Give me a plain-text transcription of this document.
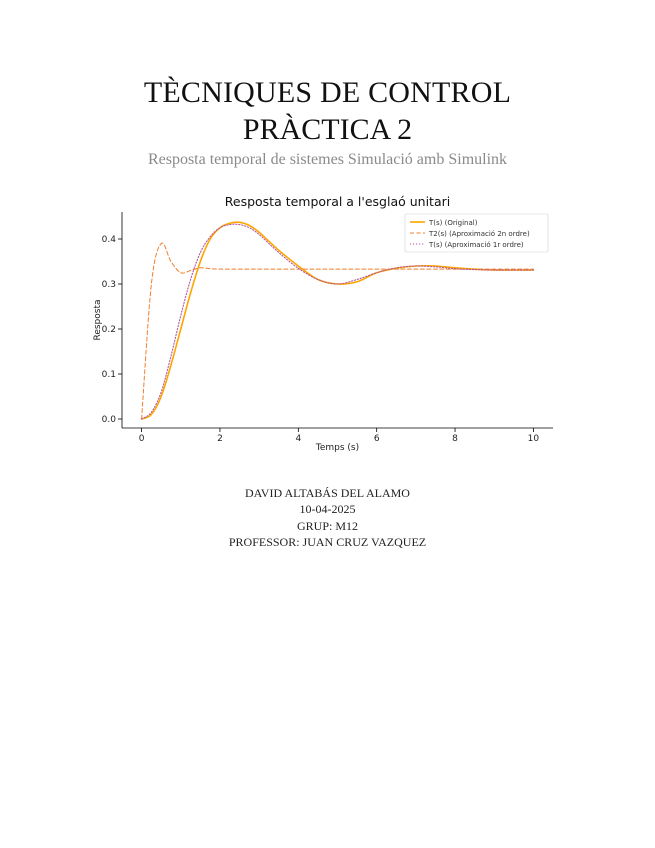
TÈCNIQUES DE CONTROL
PRÀCTICA 2
Resposta temporal de sistemes Simulació amb Simulink
0	2	4	6	8	10
0.0
0.1
0.2
0.3
0.4
Resposta temporal a l'esglaó unitari
Temps (s)
Resposta
T(s) (Original)
T2(s) (Aproximació 2n ordre)
T(s) (Aproximació 1r ordre)
DAVID ALTABÁS DEL ALAMO
10-04-2025
GRUP: M12
PROFESSOR: JUAN CRUZ VAZQUEZ
